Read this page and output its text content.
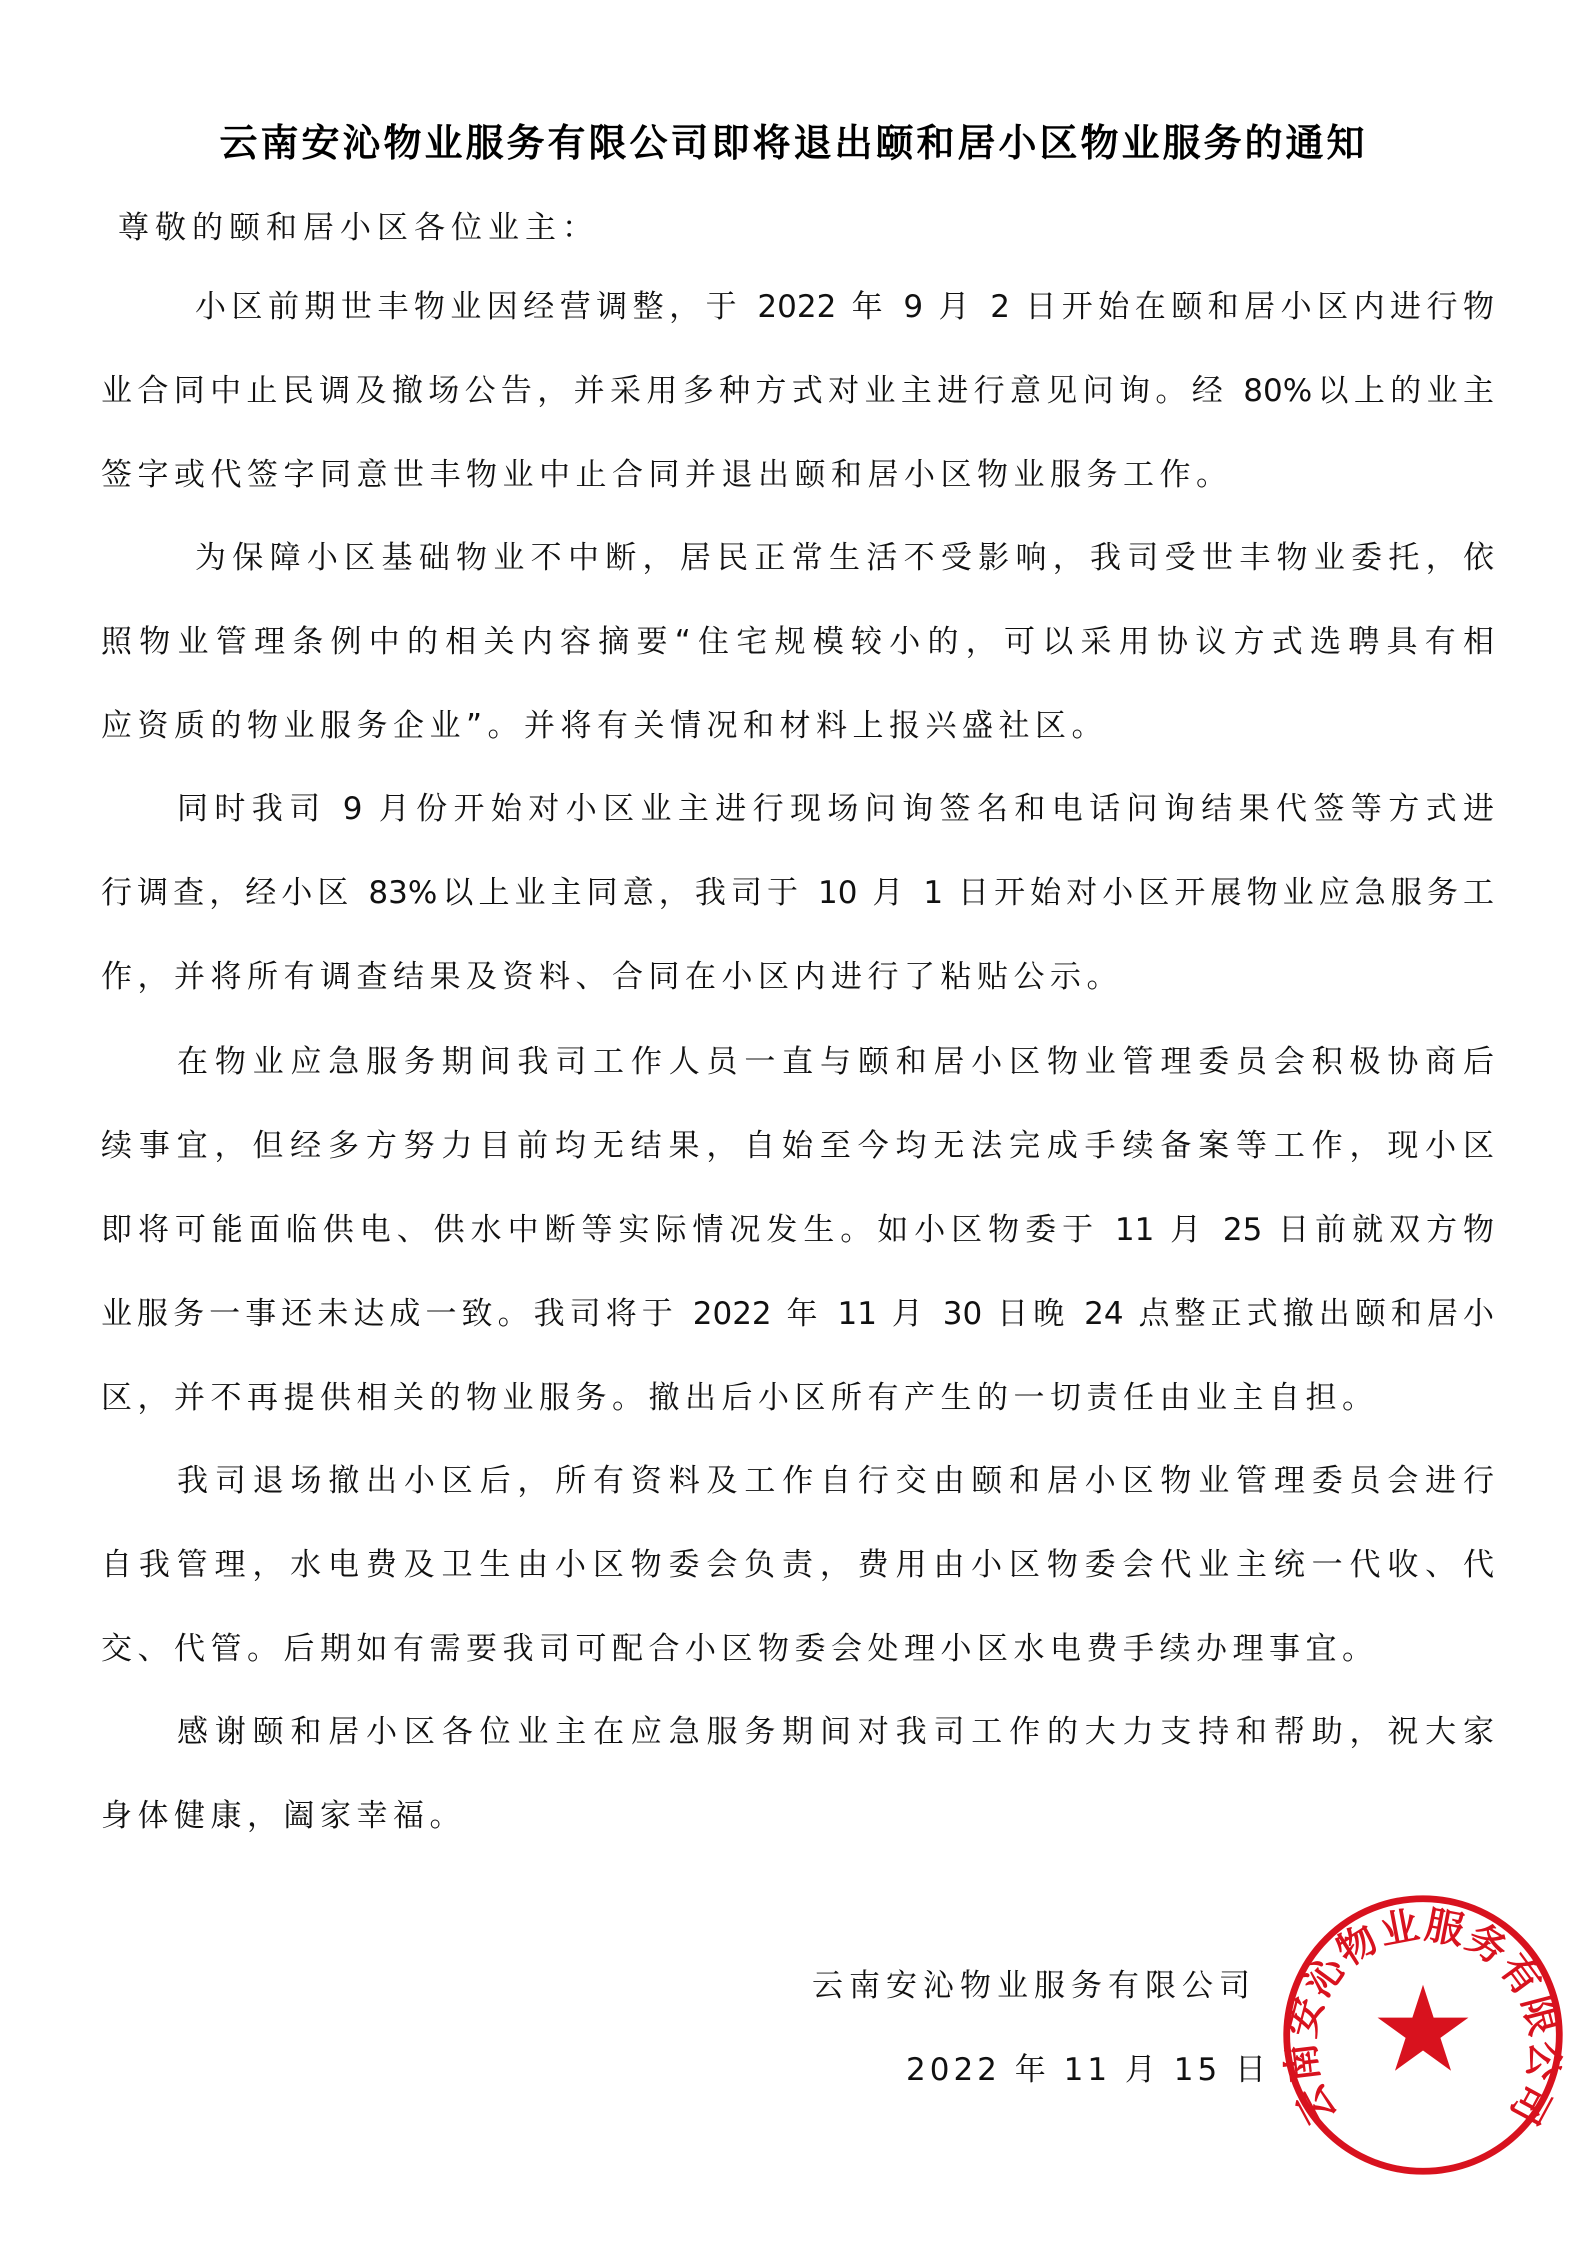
云南安沁物业服务有限公司即将退出颐和居小区物业服务的通知
尊敬的颐和居小区各位业主：
小区前期世丰物业因经营调整，于 2022 年 9 月 2 日开始在颐和居小区内进行物
业合同中止民调及撤场公告，并采用多种方式对业主进行意见问询。经 80%以上的业主
签字或代签字同意世丰物业中止合同并退出颐和居小区物业服务工作。
为保障小区基础物业不中断，居民正常生活不受影响，我司受世丰物业委托，依
照物业管理条例中的相关内容摘要“住宅规模较小的，可以采用协议方式选聘具有相
应资质的物业服务企业”。并将有关情况和材料上报兴盛社区。
同时我司 9 月份开始对小区业主进行现场问询签名和电话问询结果代签等方式进
行调查，经小区 83%以上业主同意，我司于 10 月 1 日开始对小区开展物业应急服务工
作，并将所有调查结果及资料、合同在小区内进行了粘贴公示。
在物业应急服务期间我司工作人员一直与颐和居小区物业管理委员会积极协商后
续事宜，但经多方努力目前均无结果，自始至今均无法完成手续备案等工作，现小区
即将可能面临供电、供水中断等实际情况发生。如小区物委于 11 月 25 日前就双方物
业服务一事还未达成一致。我司将于 2022 年 11 月 30 日晚 24 点整正式撤出颐和居小
区，并不再提供相关的物业服务。撤出后小区所有产生的一切责任由业主自担。
我司退场撤出小区后，所有资料及工作自行交由颐和居小区物业管理委员会进行
自我管理，水电费及卫生由小区物委会负责，费用由小区物委会代业主统一代收、代
交、代管。后期如有需要我司可配合小区物委会处理小区水电费手续办理事宜。
感谢颐和居小区各位业主在应急服务期间对我司工作的大力支持和帮助，祝大家
身体健康，阖家幸福。
云南安沁物业服务有限公司
2022 年 11 月 15 日
云南安沁物业服务有限公司
